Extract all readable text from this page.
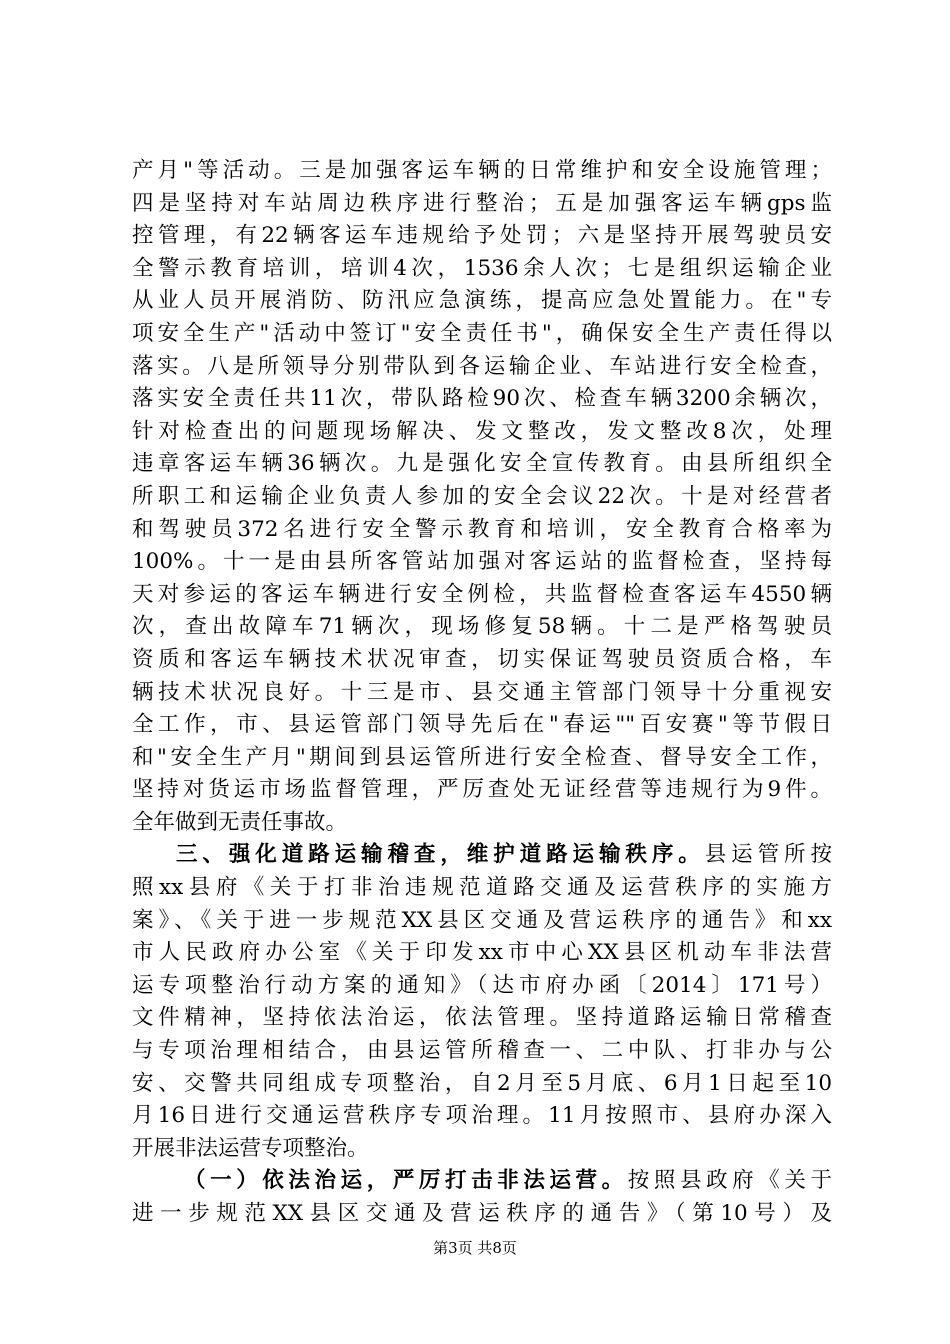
产月"等活动。三是加强客运车辆的日常维护和安全设施管理；
四是坚持对车站周边秩序进行整治；五是加强客运车辆gps监
控管理，有22辆客运车违规给予处罚；六是坚持开展驾驶员安
全警示教育培训，培训4次，1536余人次；七是组织运输企业
从业人员开展消防、防汛应急演练，提高应急处置能力。在"专
项安全生产"活动中签订"安全责任书"，确保安全生产责任得以
落实。八是所领导分别带队到各运输企业、车站进行安全检查，
落实安全责任共11次，带队路检90次、检查车辆3200余辆次，
针对检查出的问题现场解决、发文整改，发文整改8次，处理
违章客运车辆36辆次。九是强化安全宣传教育。由县所组织全
所职工和运输企业负责人参加的安全会议22次。十是对经营者
和驾驶员372名进行安全警示教育和培训，安全教育合格率为
100%。十一是由县所客管站加强对客运站的监督检查，坚持每
天对参运的客运车辆进行安全例检，共监督检查客运车4550辆
次，查出故障车71辆次，现场修复58辆。十二是严格驾驶员
资质和客运车辆技术状况审查，切实保证驾驶员资质合格，车
辆技术状况良好。十三是市、县交通主管部门领导十分重视安
全工作，市、县运管部门领导先后在"春运""百安赛"等节假日
和"安全生产月"期间到县运管所进行安全检查、督导安全工作，
坚持对货运市场监督管理，严厉查处无证经营等违规行为9件。
全年做到无责任事故。
三、强化道路运输稽查，维护道路运输秩序。县运管所按
照xx县府《关于打非治违规范道路交通及运营秩序的实施方
案》、《关于进一步规范XX县区交通及营运秩序的通告》和xx
市人民政府办公室《关于印发xx市中心XX县区机动车非法营
运专项整治行动方案的通知》（达市府办函〔2014〕171号）
文件精神，坚持依法治运，依法管理。坚持道路运输日常稽查
与专项治理相结合，由县运管所稽查一、二中队、打非办与公
安、交警共同组成专项整治，自2月至5月底、6月1日起至10
月16日进行交通运营秩序专项治理。11月按照市、县府办深入
开展非法运营专项整治。
（一）依法治运，严厉打击非法运营。按照县政府《关于
进一步规范XX县区交通及营运秩序的通告》（第10号）及
第3页 共8页
